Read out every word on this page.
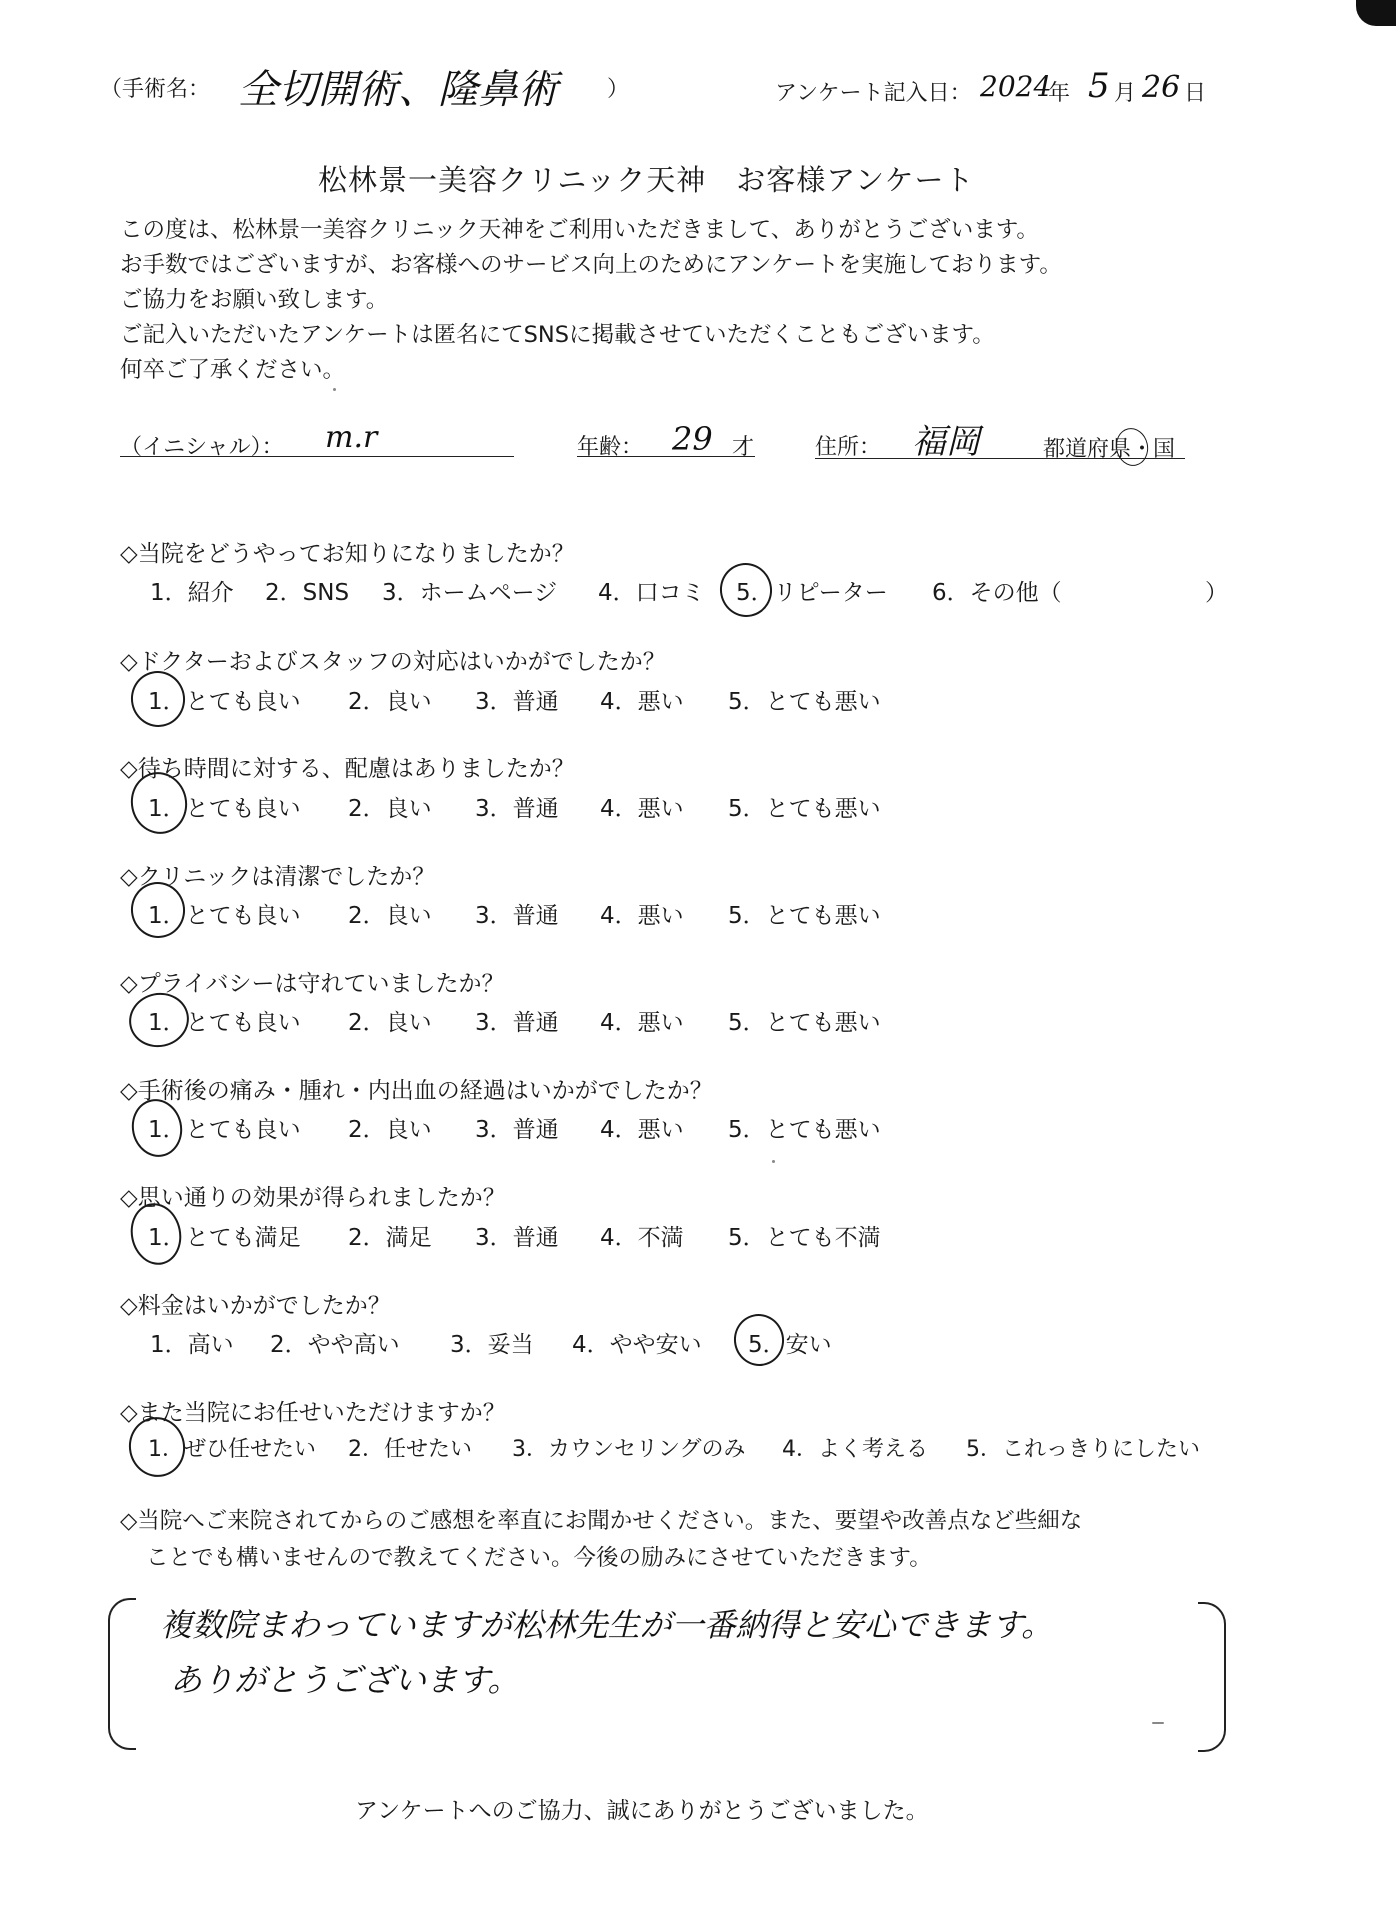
（手術名： 全切開術、隆鼻術 ）	アンケート記入日： 2024
年 5 月 26 日
松林景一美容クリニック天神　お客様アンケート
この度は、松林景一美容クリニック天神をご利用いただきまして、ありがとうございます。
お手数ではございますが、お客様へのサービス向上のためにアンケートを実施しております。
ご協力をお願い致します。
ご記入いただいたアンケートは匿名にてSNSに掲載させていただくこともございます。
何卒ご了承ください。
（イニシャル）： m.r	年齢： 29 才	住所： 福岡	都道府県・国
◇当院をどうやってお知りになりましたか？
1．紹介 2．SNS 3．ホームページ 4．口コミ 5．リピーター 6．その他（	）
◇ドクターおよびスタッフの対応はいかがでしたか？
1．とても良い 2．良い 3．普通 4．悪い 5．とても悪い
◇待ち時間に対する、配慮はありましたか？
1．とても良い 2．良い 3．普通 4．悪い 5．とても悪い
◇クリニックは清潔でしたか？
1．とても良い 2．良い 3．普通 4．悪い 5．とても悪い
◇プライバシーは守れていましたか？
1．とても良い 2．良い 3．普通 4．悪い 5．とても悪い
◇手術後の痛み・腫れ・内出血の経過はいかがでしたか？
1．とても良い 2．良い 3．普通 4．悪い 5．とても悪い
◇思い通りの効果が得られましたか？
1．とても満足 2．満足 3．普通 4．不満 5．とても不満
◇料金はいかがでしたか？
1．高い 2．やや高い 3．妥当 4．やや安い 5．安い
◇また当院にお任せいただけますか？
1．ぜひ任せたい 2．任せたい 3．カウンセリングのみ 4．よく考える 5．これっきりにしたい
◇当院へご来院されてからのご感想を率直にお聞かせください。また、要望や改善点など些細な
ことでも構いませんので教えてください。今後の励みにさせていただきます。
複数院まわっていますが松林先生が一番納得と安心できます。
ありがとうございます。
アンケートへのご協力、誠にありがとうございました。
